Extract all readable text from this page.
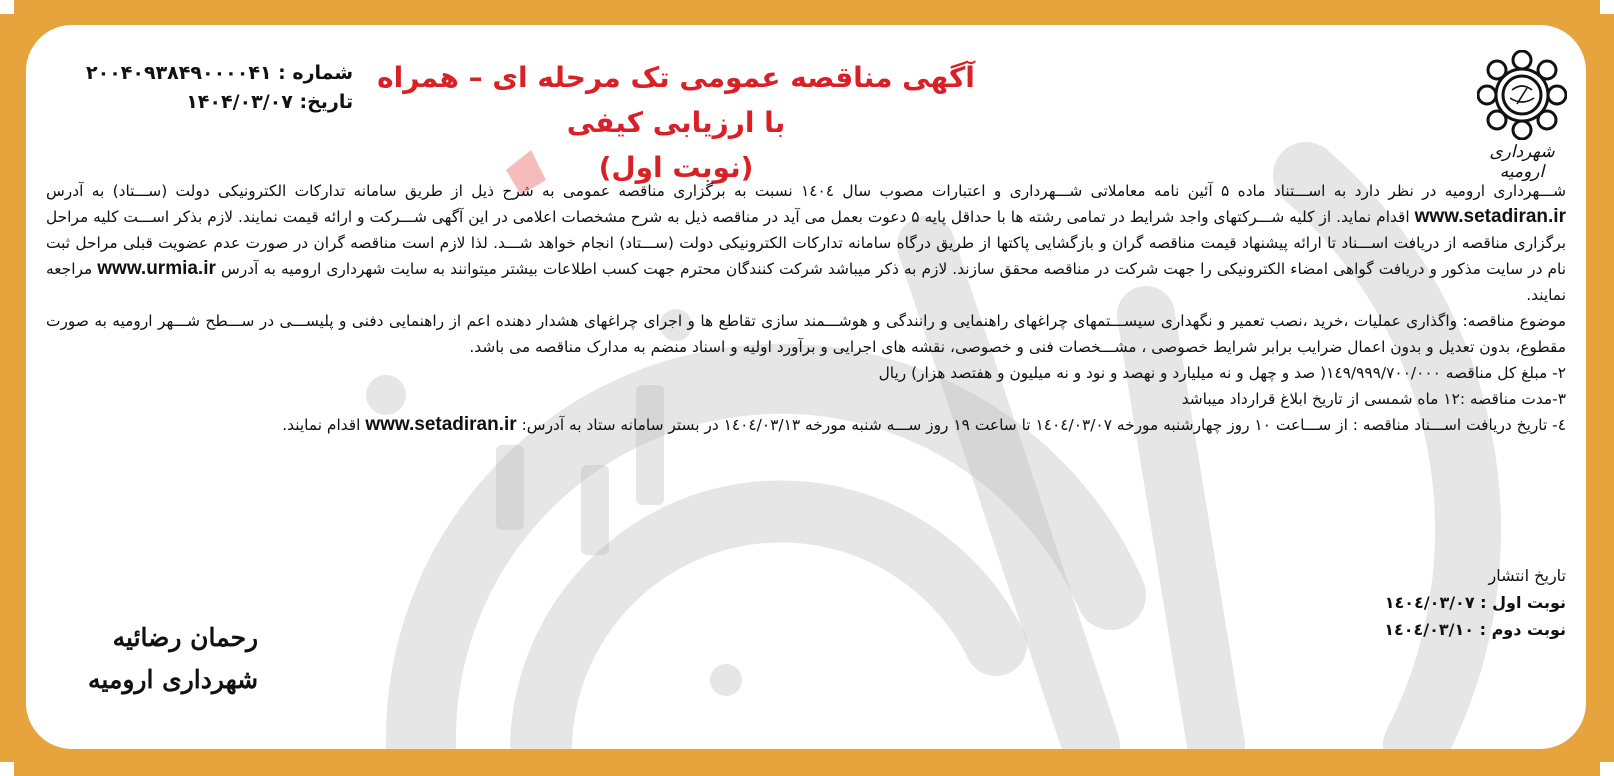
شهرداری ارومیه
آگهی مناقصه عمومی تک مرحله ای – همراه با ارزیابی کیفی
(نوبت اول)
شماره : ۲۰۰۴۰۹۳۸۴۹۰۰۰۰۴۱
تاریخ: ۱۴۰۴/۰۳/۰۷

شـــهرداری ارومیه در نظر دارد به اســـتناد ماده ۵ آئین نامه معاملاتی شـــهرداری و اعتبارات مصوب سال ۱٤۰٤ نسبت به برگزاری مناقصه عمومی به شرح ذیل از طریق سامانه تدارکات الکترونیکی دولت (ســـتاد) به آدرس www.setadiran.ir اقدام نماید. از کلیه شـــرکتهای واجد شرایط در تمامی رشته ها با حداقل پایه ۵ دعوت بعمل می آید در مناقصه ذیل به شرح مشخصات اعلامی در این آگهی شـــرکت و ارائه قیمت نمایند. لازم بذکر اســـت کلیه مراحل برگزاری مناقصه از دریافت اســـناد تا ارائه پیشنهاد قیمت مناقصه گران و بازگشایی پاکتها از طریق درگاه سامانه تدارکات الکترونیکی دولت (ســـتاد) انجام خواهد شـــد. لذا لازم است مناقصه گران در صورت عدم عضویت قبلی مراحل ثبت نام در سایت مذکور و دریافت گواهی امضاء الکترونیکی را جهت شرکت در مناقصه محقق سازند. لازم به ذکر میباشد شرکت کنندگان محترم جهت کسب اطلاعات بیشتر میتوانند به سایت شهرداری ارومیه به آدرس www.urmia.ir مراجعه نمایند.

موضوع مناقصه: واگذاری عملیات ،خرید ،نصب تعمیر و نگهداری سیســـتمهای چراغهای راهنمایی و رانندگی و هوشـــمند سازی تقاطع ها و اجرای چراغهای هشدار دهنده اعم از راهنمایی دفنی و پلیســـی در ســـطح شـــهر ارومیه به صورت مقطوع، بدون تعدیل و بدون اعمال ضرایب برابر شرایط خصوصی ، مشـــخصات فنی و خصوصی، نقشه های اجرایی و برآورد اولیه و اسناد منضم به مدارک مناقصه می باشد.

۲- مبلغ کل مناقصه ۱٤۹/۹۹۹/۷۰۰/۰۰۰( صد و چهل و نه میلیارد و نهصد و نود و نه میلیون و هفتصد هزار) ریال

۳-مدت مناقصه :۱۲ ماه شمسی از تاریخ ابلاغ قرارداد میباشد

٤- تاریخ دریافت اســـناد مناقصه : از ســـاعت ۱۰ روز چهارشنبه مورخه ۱٤۰٤/۰۳/۰۷ تا ساعت ۱۹ روز ســـه شنبه مورخه ۱٤۰٤/۰۳/۱۳ در بستر سامانه ستاد به آدرس: www.setadiran.ir اقدام نمایند.

تاریخ انتشار
نوبت اول : ۱٤۰٤/۰۳/۰۷
نوبت دوم : ۱٤۰٤/۰۳/۱۰
رحمان رضائیه
شهرداری ارومیه
